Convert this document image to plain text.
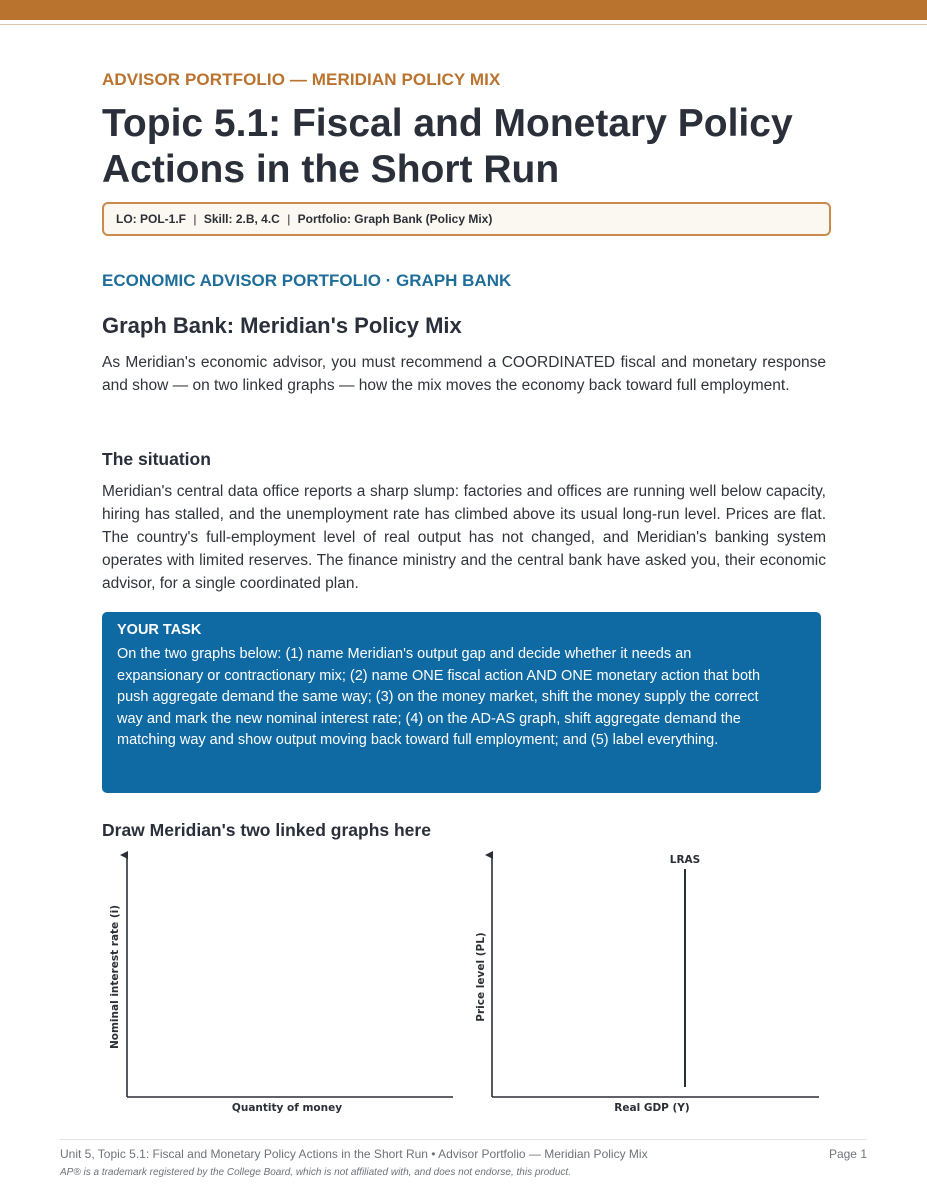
ADVISOR PORTFOLIO — MERIDIAN POLICY MIX
Topic 5.1: Fiscal and Monetary Policy Actions in the Short Run
LO: POL-1.F | Skill: 2.B, 4.C | Portfolio: Graph Bank (Policy Mix)
ECONOMIC ADVISOR PORTFOLIO · GRAPH BANK
Graph Bank: Meridian's Policy Mix

As Meridian's economic advisor, you must recommend a COORDINATED fiscal and monetary response and show — on two linked graphs — how the mix moves the economy back toward full employment.

The situation

Meridian's central data office reports a sharp slump: factories and offices are running well below capacity, hiring has stalled, and the unemployment rate has climbed above its usual long-run level. Prices are flat. The country's full-employment level of real output has not changed, and Meridian's banking system operates with limited reserves. The finance ministry and the central bank have asked you, their economic advisor, for a single coordinated plan.

YOUR TASK
On the two graphs below: (1) name Meridian's output gap and decide whether it needs an expansionary or contractionary mix; (2) name ONE fiscal action AND ONE monetary action that both push aggregate demand the same way; (3) on the money market, shift the money supply the correct way and mark the new nominal interest rate; (4) on the AD-AS graph, shift aggregate demand the matching way and show output moving back toward full employment; and (5) label everything.
Draw Meridian's two linked graphs here
Nominal interest rate (i)
Quantity of money
LRAS
Price level (PL)
Real GDP (Y)
Unit 5, Topic 5.1: Fiscal and Monetary Policy Actions in the Short Run • Advisor Portfolio — Meridian Policy Mix	Page 1
AP® is a trademark registered by the College Board, which is not affiliated with, and does not endorse, this product.
